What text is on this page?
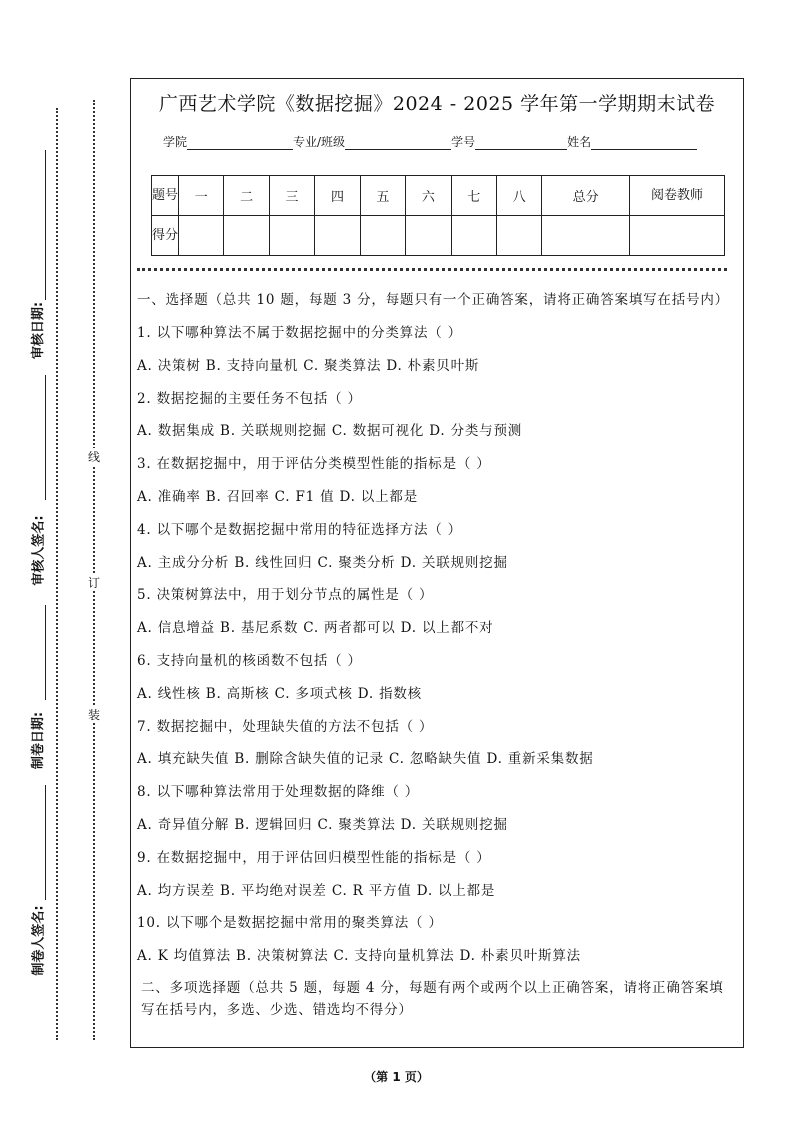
审核日期:
审核人签名:
制卷日期:
制卷人签名:
线
订
装
广西艺术学院《数据挖掘》2024 - 2025 学年第一学期期末试卷
学院	专业/班级	学号	姓名
题号	一	二	三	四	五	六	七	八	总分	阅卷教师
得分										
一、选择题（总共 10 题，每题 3 分，每题只有一个正确答案，请将正确答案填写在括号内）
1. 以下哪种算法不属于数据挖掘中的分类算法（ ）
A. 决策树 B. 支持向量机 C. 聚类算法 D. 朴素贝叶斯
2. 数据挖掘的主要任务不包括（ ）
A. 数据集成 B. 关联规则挖掘 C. 数据可视化 D. 分类与预测
3. 在数据挖掘中，用于评估分类模型性能的指标是（ ）
A. 准确率 B. 召回率 C. F1 值 D. 以上都是
4. 以下哪个是数据挖掘中常用的特征选择方法（ ）
A. 主成分分析 B. 线性回归 C. 聚类分析 D. 关联规则挖掘
5. 决策树算法中，用于划分节点的属性是（ ）
A. 信息增益 B. 基尼系数 C. 两者都可以 D. 以上都不对
6. 支持向量机的核函数不包括（ ）
A. 线性核 B. 高斯核 C. 多项式核 D. 指数核
7. 数据挖掘中，处理缺失值的方法不包括（ ）
A. 填充缺失值 B. 删除含缺失值的记录 C. 忽略缺失值 D. 重新采集数据
8. 以下哪种算法常用于处理数据的降维（ ）
A. 奇异值分解 B. 逻辑回归 C. 聚类算法 D. 关联规则挖掘
9. 在数据挖掘中，用于评估回归模型性能的指标是（ ）
A. 均方误差 B. 平均绝对误差 C. R 平方值 D. 以上都是
10. 以下哪个是数据挖掘中常用的聚类算法（ ）
A. K 均值算法 B. 决策树算法 C. 支持向量机算法 D. 朴素贝叶斯算法
二、多项选择题（总共 5 题，每题 4 分，每题有两个或两个以上正确答案，请将正确答案填写在括号内，多选、少选、错选均不得分）
（第 1 页）
